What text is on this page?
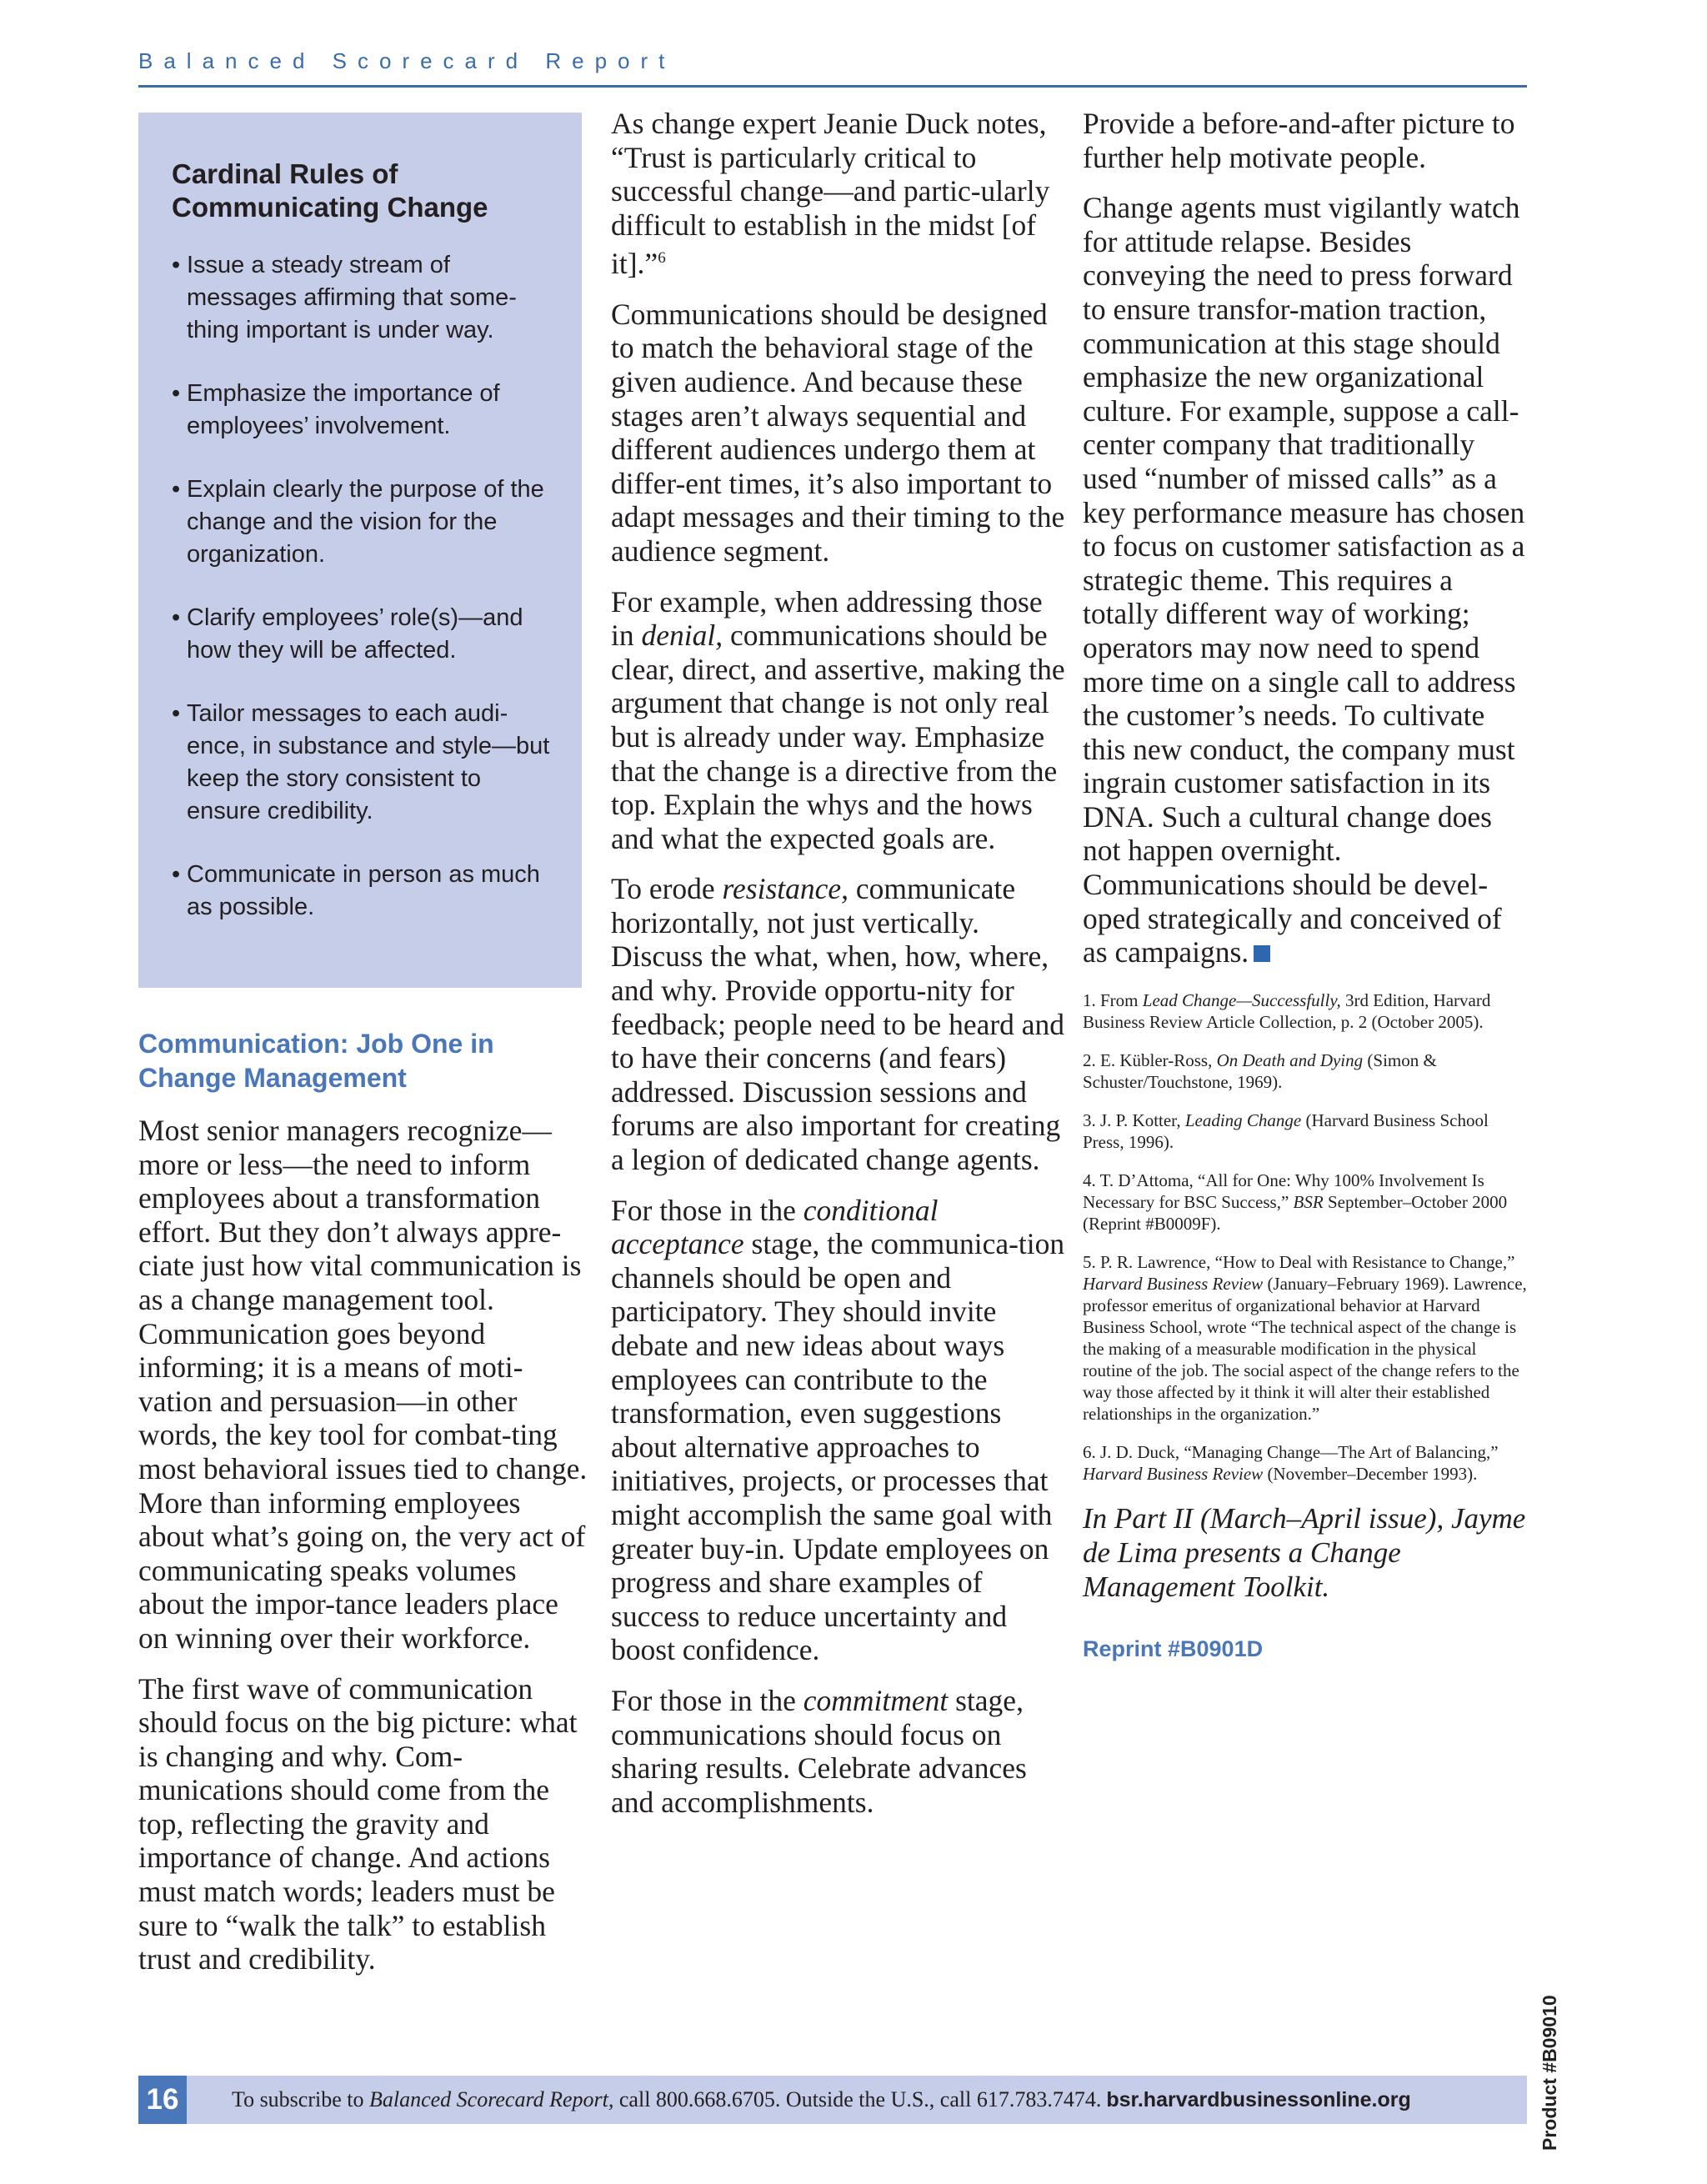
Balanced Scorecard Report
Cardinal Rules of Communicating Change
• Issue a steady stream of messages affirming that some-thing important is under way.
• Emphasize the importance of employees’ involvement.
• Explain clearly the purpose of the change and the vision for the organization.
• Clarify employees’ role(s)—and how they will be affected.
• Tailor messages to each audi-ence, in substance and style—but keep the story consistent to ensure credibility.
• Communicate in person as much as possible.
Communication: Job One in Change Management

Most senior managers recognize—more or less—the need to inform employees about a transformation effort. But they don’t always appre-ciate just how vital communication is as a change management tool. Communication goes beyond informing; it is a means of moti-vation and persuasion—in other words, the key tool for combat-ting most behavioral issues tied to change. More than informing employees about what’s going on, the very act of communicating speaks volumes about the impor-tance leaders place on winning over their workforce.

The first wave of communication should focus on the big picture: what is changing and why. Com-munications should come from the top, reflecting the gravity and importance of change. And actions must match words; leaders must be sure to “walk the talk” to establish trust and credibility.

As change expert Jeanie Duck notes, “Trust is particularly critical to successful change—and partic-ularly difficult to establish in the midst [of it].”$^6$

Communications should be designed to match the behavioral stage of the given audience. And because these stages aren’t always sequential and different audiences undergo them at differ-ent times, it’s also important to adapt messages and their timing to the audience segment.

For example, when addressing those in denial, communications should be clear, direct, and assertive, making the argument that change is not only real but is already under way. Emphasize that the change is a directive from the top. Explain the whys and the hows and what the expected goals are.

To erode resistance, communicate horizontally, not just vertically. Discuss the what, when, how, where, and why. Provide opportu-nity for feedback; people need to be heard and to have their concerns (and fears) addressed. Discussion sessions and forums are also important for creating a legion of dedicated change agents.

For those in the conditional acceptance stage, the communica-tion channels should be open and participatory. They should invite debate and new ideas about ways employees can contribute to the transformation, even suggestions about alternative approaches to initiatives, projects, or processes that might accomplish the same goal with greater buy-in. Update employees on progress and share examples of success to reduce uncertainty and boost confidence.

For those in the commitment stage, communications should focus on sharing results. Celebrate advances and accomplishments.

Provide a before-and-after picture to further help motivate people.

Change agents must vigilantly watch for attitude relapse. Besides conveying the need to press forward to ensure transfor-mation traction, communication at this stage should emphasize the new organizational culture. For example, suppose a call-center company that traditionally used “number of missed calls” as a key performance measure has chosen to focus on customer satisfaction as a strategic theme. This requires a totally different way of working; operators may now need to spend more time on a single call to address the customer’s needs. To cultivate this new conduct, the company must ingrain customer satisfaction in its DNA. Such a cultural change does not happen overnight. Communications should be devel-oped strategically and conceived of as campaigns.

1. From Lead Change—Successfully, 3rd Edition, Harvard Business Review Article Collection, p. 2 (October 2005).
2. E. Kübler-Ross, On Death and Dying (Simon & Schuster/Touchstone, 1969).
3. J. P. Kotter, Leading Change (Harvard Business School Press, 1996).
4. T. D’Attoma, “All for One: Why 100% Involvement Is Necessary for BSC Success,” BSR September–October 2000 (Reprint #B0009F).
5. P. R. Lawrence, “How to Deal with Resistance to Change,” Harvard Business Review (January–February 1969). Lawrence, professor emeritus of organizational behavior at Harvard Business School, wrote “The technical aspect of the change is the making of a measurable modification in the physical routine of the job. The social aspect of the change refers to the way those affected by it think it will alter their established relationships in the organization.”
6. J. D. Duck, “Managing Change—The Art of Balancing,” Harvard Business Review (November–December 1993).

In Part II (March–April issue), Jayme de Lima presents a Change Management Toolkit.

Reprint #B0901D
16	To subscribe to Balanced Scorecard Report, call 800.668.6705. Outside the U.S., call 617.783.7474. bsr.harvardbusinessonline.org	Product #B09010
